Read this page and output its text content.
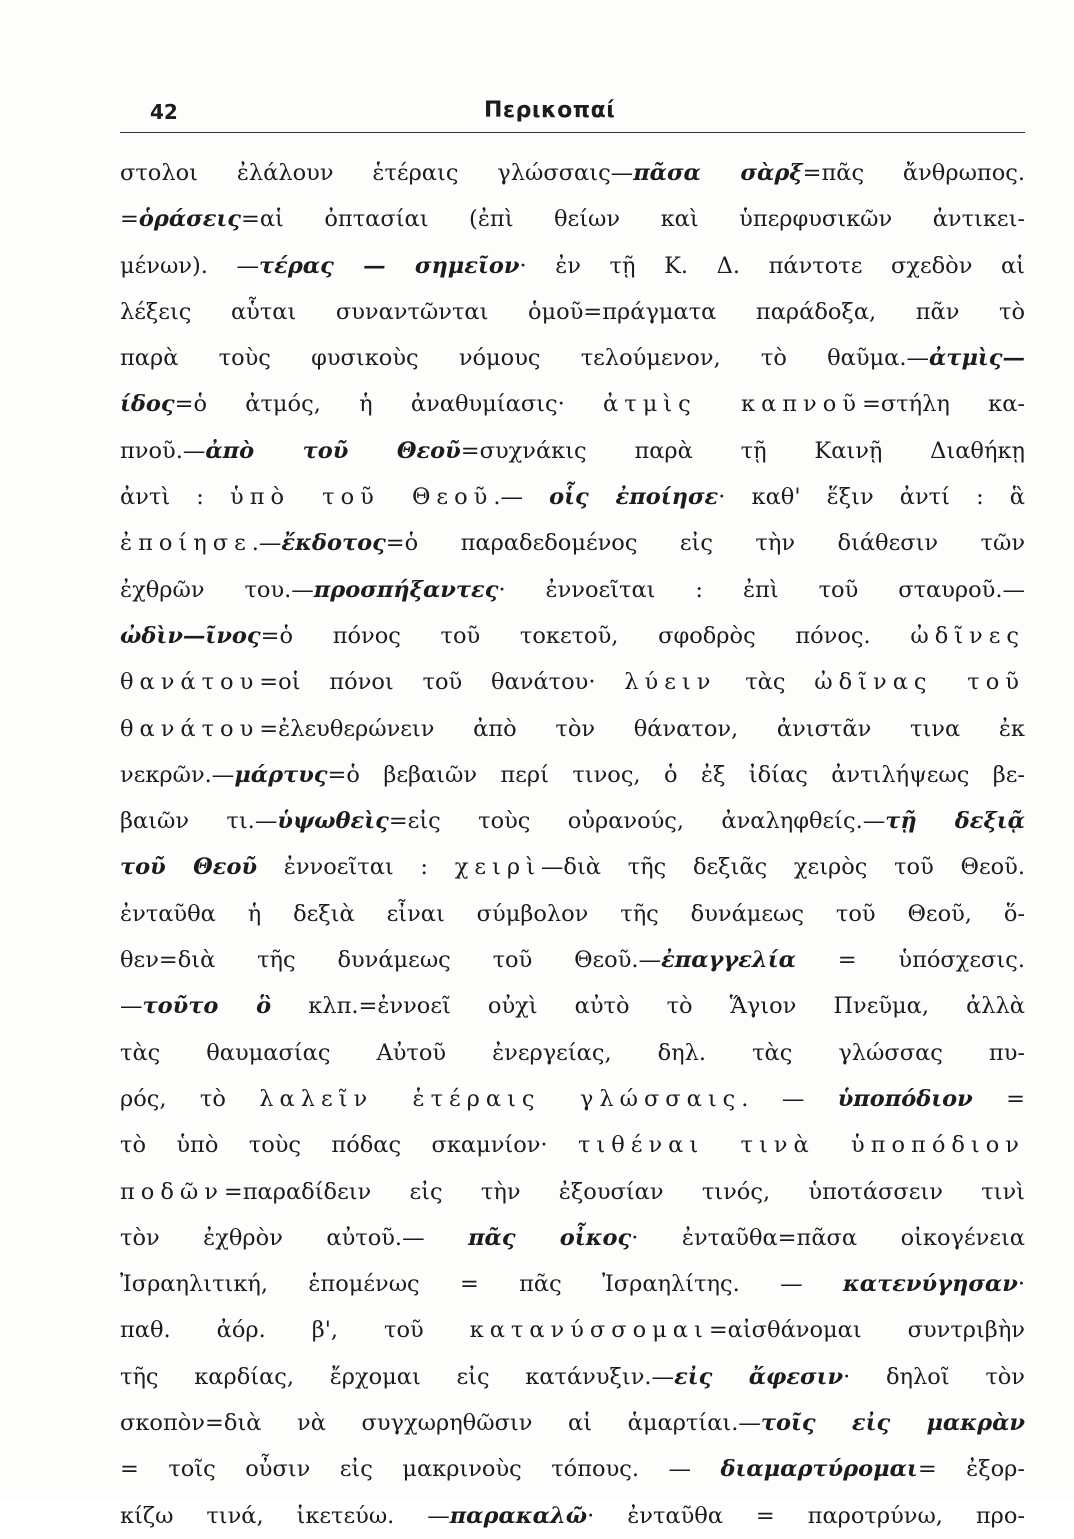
42	Περικοπαί
στολοι ἐλάλουν ἑτέραις γλώσσαις—πᾶσα σὰρξ=πᾶς ἄνθρωπος.
=ὁράσεις=αἱ ὀπτασίαι (ἐπὶ θείων καὶ ὑπερφυσικῶν ἀντικει-
μένων). —τέρας — σημεῖον· ἐν τῇ Κ. Δ. πάντοτε σχεδὸν αἱ
λέξεις αὗται συναντῶνται ὁμοῦ=πράγματα παράδοξα, πᾶν τὸ
παρὰ τοὺς φυσικοὺς νόμους τελούμενον, τὸ θαῦμα.—ἀτμὶς—
ίδος=ὁ ἀτμός, ἡ ἀναθυμίασις· ἀτμὶς καπνοῦ=στήλη κα-
πνοῦ.—ἀπὸ τοῦ Θεοῦ=συχνάκις παρὰ τῇ Καινῇ Διαθήκῃ
ἀντὶ : ὑπὸ τοῦ Θεοῦ.— οἷς ἐποίησε· καθ' ἕξιν ἀντί : ἃ
ἐποίησε.—ἔκδοτος=ὁ παραδεδομένος εἰς τὴν διάθεσιν τῶν
ἐχθρῶν του.—προσπήξαντες· ἐννοεῖται : ἐπὶ τοῦ σταυροῦ.—
ὠδὶν—ῖνος=ὁ πόνος τοῦ τοκετοῦ, σφοδρὸς πόνος. ὠδῖνες
θανάτου=οἱ πόνοι τοῦ θανάτου· λύειν τὰς ὠδῖνας τοῦ
θανάτου=ἐλευθερώνειν ἀπὸ τὸν θάνατον, ἀνιστᾶν τινα ἐκ
νεκρῶν.—μάρτυς=ὁ βεβαιῶν περί τινος, ὁ ἐξ ἰδίας ἀντιλήψεως βε-
βαιῶν τι.—ὑψωθεὶς=εἰς τοὺς οὐρανούς, ἀναληφθείς.—τῇ δεξιᾷ
τοῦ Θεοῦ ἐννοεῖται : χειρὶ—διὰ τῆς δεξιᾶς χειρὸς τοῦ Θεοῦ.
ἐνταῦθα ἡ δεξιὰ εἶναι σύμβολον τῆς δυνάμεως τοῦ Θεοῦ, ὅ-
θεν=διὰ τῆς δυνάμεως τοῦ Θεοῦ.—ἐπαγγελία = ὑπόσχεσις.
—τοῦτο ὃ κλπ.=ἐννοεῖ οὐχὶ αὐτὸ τὸ Ἅγιον Πνεῦμα, ἀλλὰ
τὰς θαυμασίας Αὐτοῦ ἐνεργείας, δηλ. τὰς γλώσσας πυ-
ρός, τὸ λαλεῖν ἑτέραις γλώσσαις. — ὑποπόδιον =
τὸ ὑπὸ τοὺς πόδας σκαμνίον· τιθέναι τινὰ ὑποπόδιον
ποδῶν=παραδίδειν εἰς τὴν ἐξουσίαν τινός, ὑποτάσσειν τινὶ
τὸν ἐχθρὸν αὐτοῦ.— πᾶς οἶκος· ἐνταῦθα=πᾶσα οἰκογένεια
Ἰσραηλιτική, ἑπομένως = πᾶς Ἰσραηλίτης. — κατενύγησαν·
παθ. ἀόρ. β', τοῦ κατανύσσομαι=αἰσθάνομαι συντριβὴν
τῆς καρδίας, ἔρχομαι εἰς κατάνυξιν.—εἰς ἄφεσιν· δηλοῖ τὸν
σκοπὸν=διὰ νὰ συγχωρηθῶσιν αἱ ἁμαρτίαι.—τοῖς εἰς μακρὰν
= τοῖς οὖσιν εἰς μακρινοὺς τόπους. — διαμαρτύρομαι= ἐξορ-
κίζω τινά, ἱκετεύω. —παρακαλῶ· ἐνταῦθα = παροτρύνω, προ-
